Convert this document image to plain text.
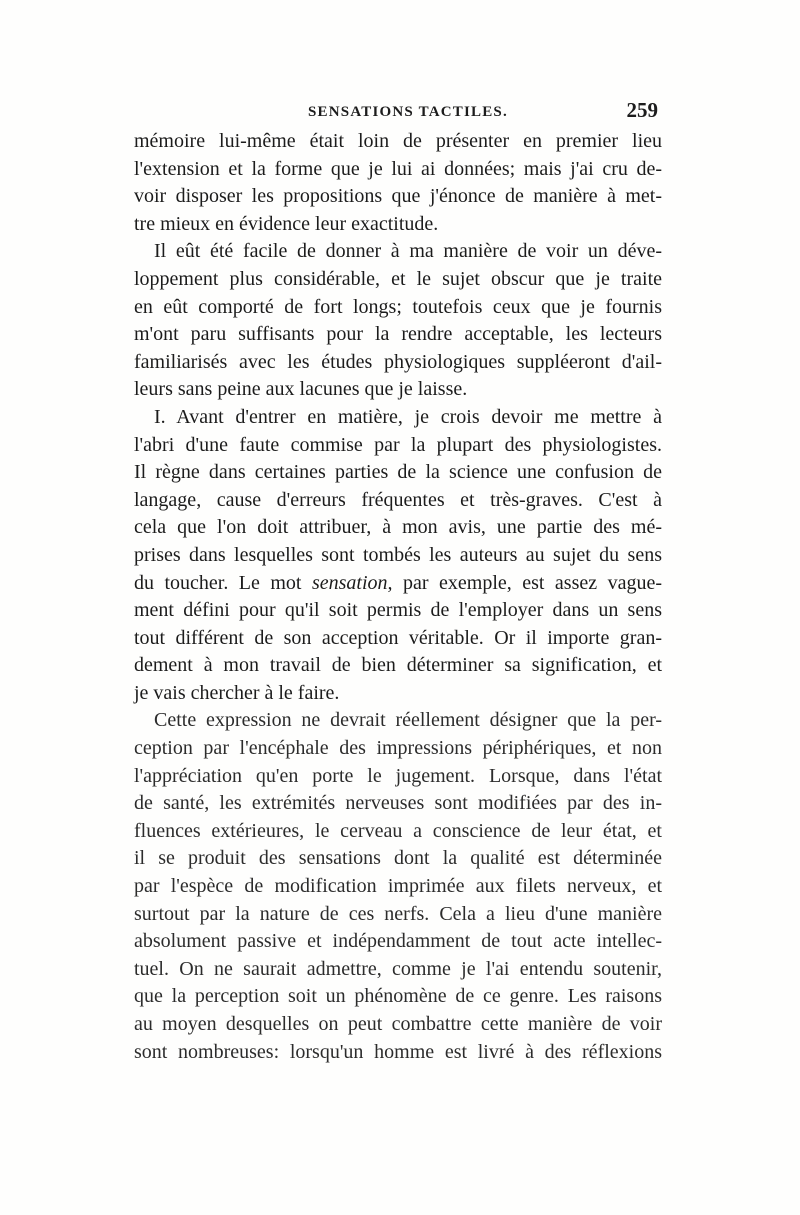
SENSATIONS TACTILES.	259
mémoire lui-même était loin de présenter en premier lieu
l'extension et la forme que je lui ai données; mais j'ai cru de-
voir disposer les propositions que j'énonce de manière à met-
tre mieux en évidence leur exactitude.
Il eût été facile de donner à ma manière de voir un déve-
loppement plus considérable, et le sujet obscur que je traite
en eût comporté de fort longs; toutefois ceux que je fournis
m'ont paru suffisants pour la rendre acceptable, les lecteurs
familiarisés avec les études physiologiques suppléeront d'ail-
leurs sans peine aux lacunes que je laisse.
I. Avant d'entrer en matière, je crois devoir me mettre à
l'abri d'une faute commise par la plupart des physiologistes.
Il règne dans certaines parties de la science une confusion de
langage, cause d'erreurs fréquentes et très-graves. C'est à
cela que l'on doit attribuer, à mon avis, une partie des mé-
prises dans lesquelles sont tombés les auteurs au sujet du sens
du toucher. Le mot sensation, par exemple, est assez vague-
ment défini pour qu'il soit permis de l'employer dans un sens
tout différent de son acception véritable. Or il importe gran-
dement à mon travail de bien déterminer sa signification, et
je vais chercher à le faire.
Cette expression ne devrait réellement désigner que la per-
ception par l'encéphale des impressions périphériques, et non
l'appréciation qu'en porte le jugement. Lorsque, dans l'état
de santé, les extrémités nerveuses sont modifiées par des in-
fluences extérieures, le cerveau a conscience de leur état, et
il se produit des sensations dont la qualité est déterminée
par l'espèce de modification imprimée aux filets nerveux, et
surtout par la nature de ces nerfs. Cela a lieu d'une manière
absolument passive et indépendamment de tout acte intellec-
tuel. On ne saurait admettre, comme je l'ai entendu soutenir,
que la perception soit un phénomène de ce genre. Les raisons
au moyen desquelles on peut combattre cette manière de voir
sont nombreuses: lorsqu'un homme est livré à des réflexions
